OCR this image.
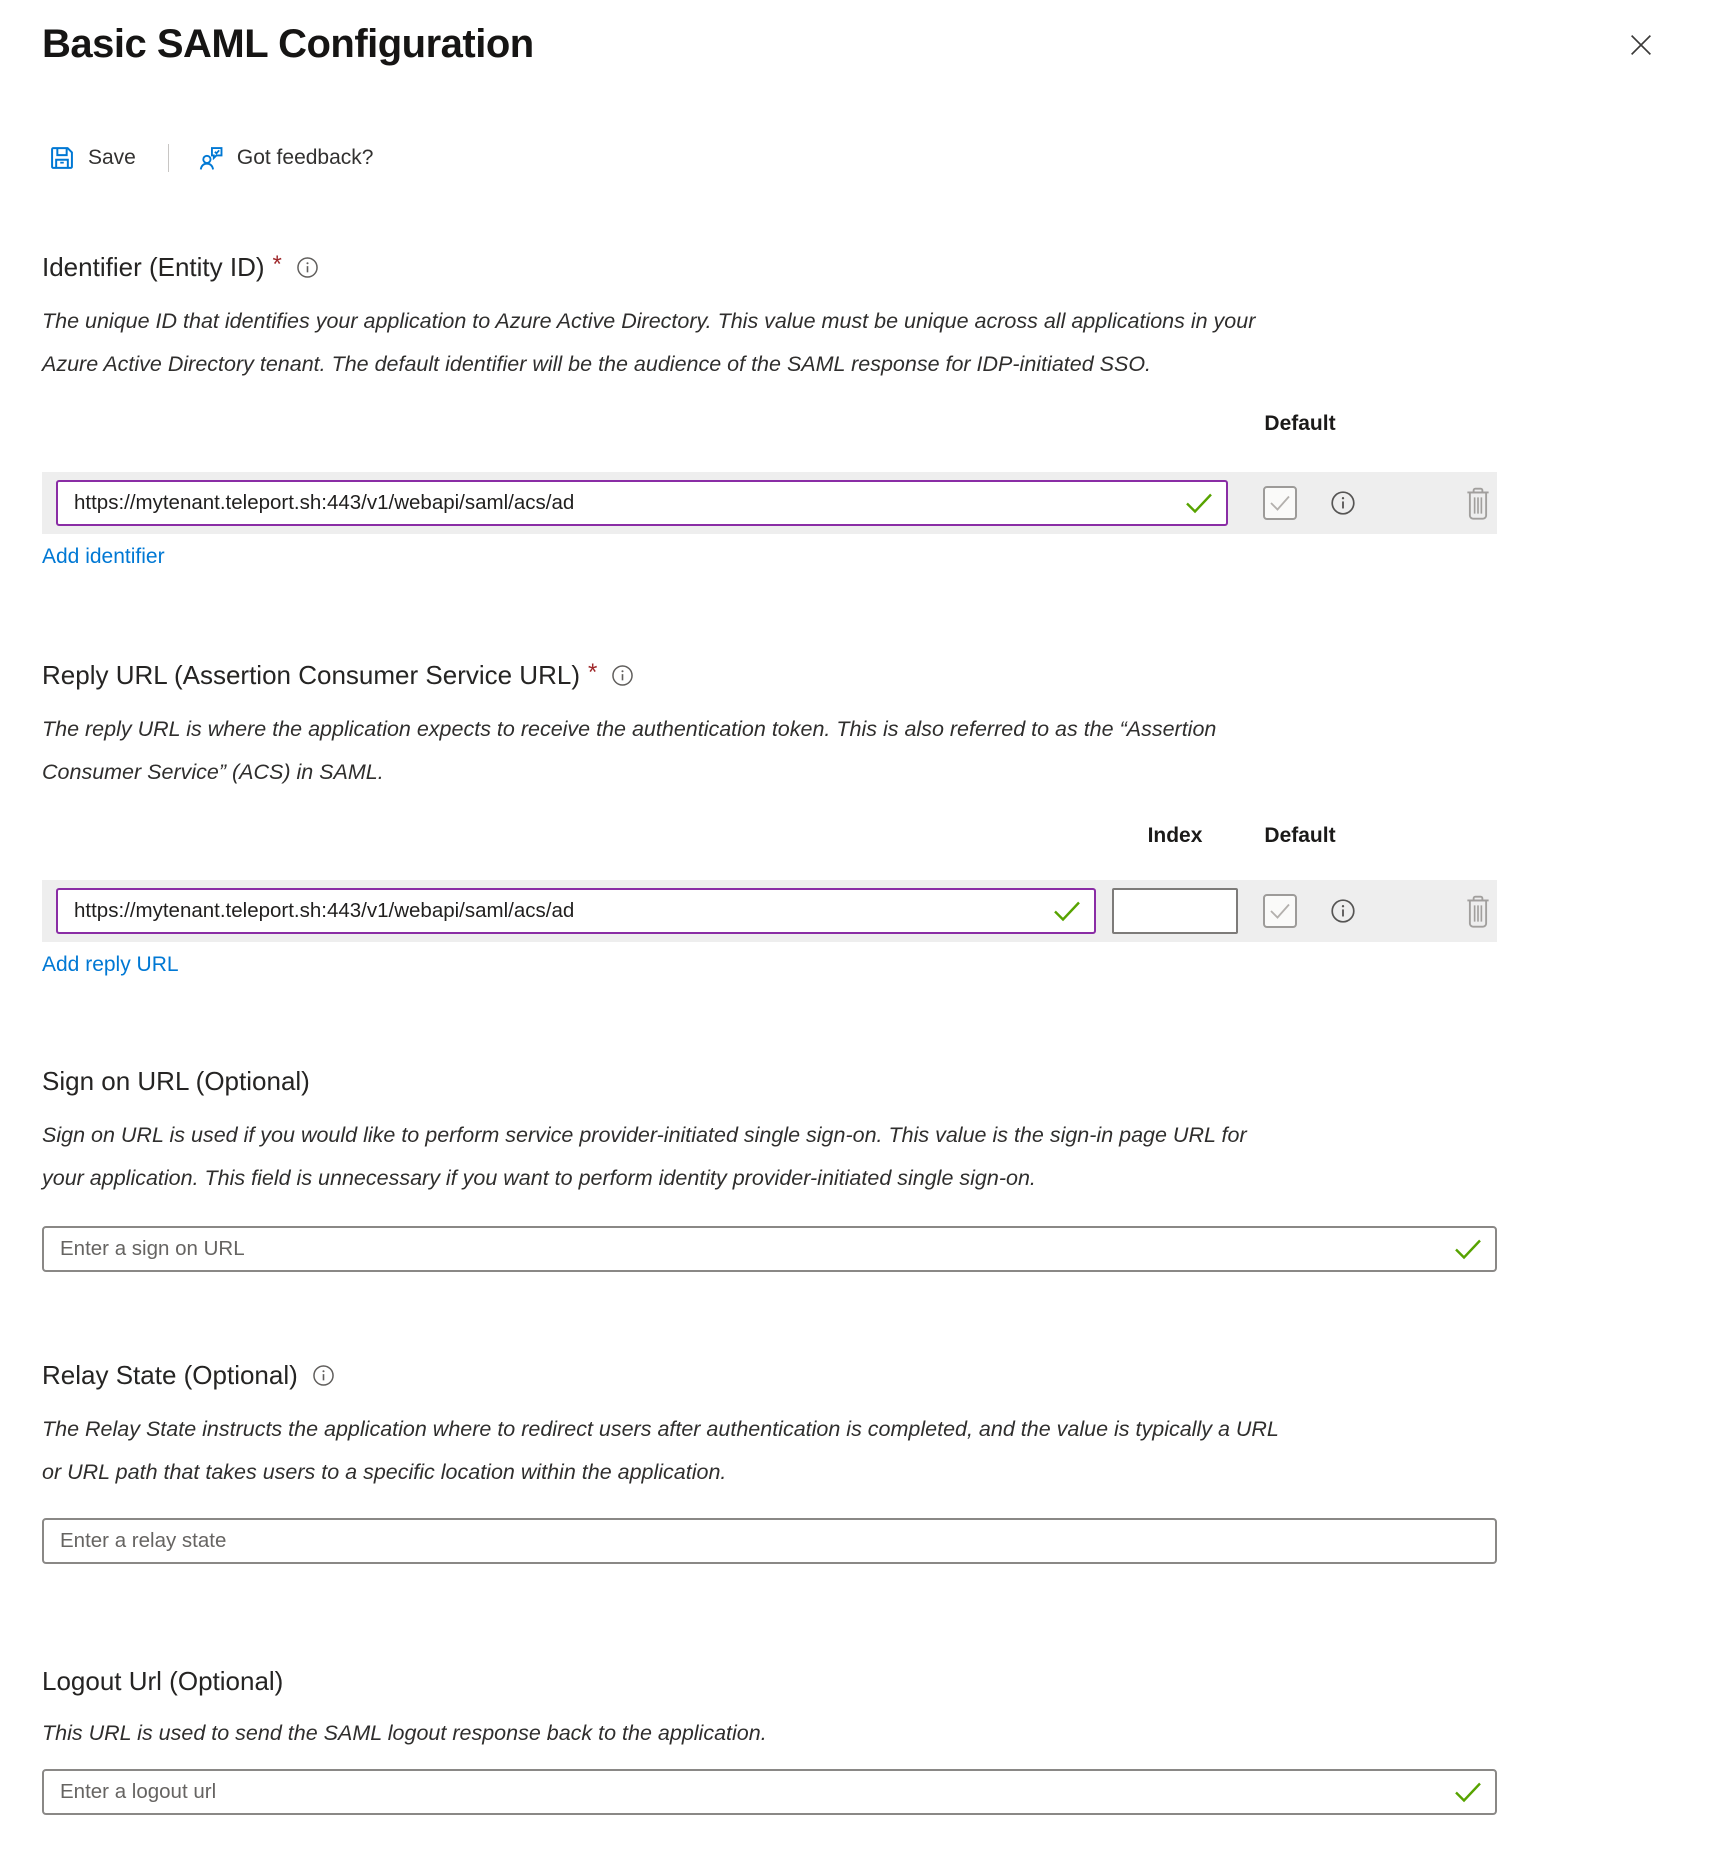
Basic SAML Configuration
Save	Got feedback?
Identifier (Entity ID) *

The unique ID that identifies your application to Azure Active Directory. This value must be unique across all applications in your Azure Active Directory tenant. The default identifier will be the audience of the SAML response for IDP-initiated SSO.

Default
https://mytenant.teleport.sh:443/v1/webapi/saml/acs/ad
Add identifier
Reply URL (Assertion Consumer Service URL) *

The reply URL is where the application expects to receive the authentication token. This is also referred to as the “Assertion Consumer Service” (ACS) in SAML.

Index	Default
https://mytenant.teleport.sh:443/v1/webapi/saml/acs/ad
Add reply URL
Sign on URL (Optional)

Sign on URL is used if you would like to perform service provider-initiated single sign-on. This value is the sign-in page URL for your application. This field is unnecessary if you want to perform identity provider-initiated single sign-on.

Enter a sign on URL
Relay State (Optional)

The Relay State instructs the application where to redirect users after authentication is completed, and the value is typically a URL or URL path that takes users to a specific location within the application.

Enter a relay state
Logout Url (Optional)

This URL is used to send the SAML logout response back to the application.

Enter a logout url
